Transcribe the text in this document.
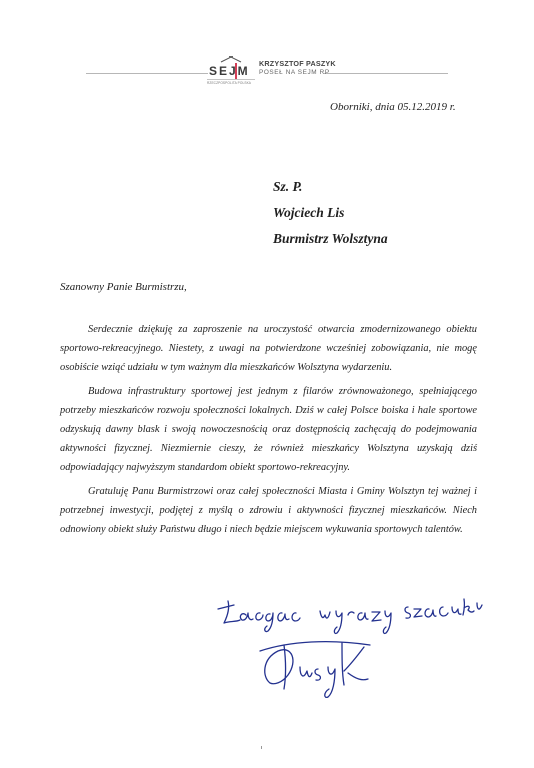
SEJM
RZECZPOSPOLITA POLSKA
KRZYSZTOF PASZYK
POSEŁ NA SEJM RP
Oborniki, dnia 05.12.2019 r.
Sz. P.
Wojciech Lis
Burmistrz Wolsztyna
Szanowny Panie Burmistrzu,

Serdecznie dziękuję za zaproszenie na uroczystość otwarcia zmodernizowanego obiektu sportowo-rekreacyjnego. Niestety, z uwagi na potwierdzone wcześniej zobowiązania, nie mogę osobiście wziąć udziału w tym ważnym dla mieszkańców Wolsztyna wydarzeniu.

Budowa infrastruktury sportowej jest jednym z filarów zrównoważonego, spełniającego potrzeby mieszkańców rozwoju społeczności lokalnych. Dziś w całej Polsce boiska i hale sportowe odzyskują dawny blask i swoją nowoczesnością oraz dostępnością zachęcają do podejmowania aktywności fizycznej. Niezmiernie cieszy, że również mieszkańcy Wolsztyna uzyskają dziś odpowiadający najwyższym standardom obiekt sportowo-rekreacyjny.

Gratuluję Panu Burmistrzowi oraz całej społeczności Miasta i Gminy Wolsztyn tej ważnej i potrzebnej inwestycji, podjętej z myślą o zdrowiu i aktywności fizycznej mieszkańców. Niech odnowiony obiekt służy Państwu długo i niech będzie miejscem wykuwania sportowych talentów.
